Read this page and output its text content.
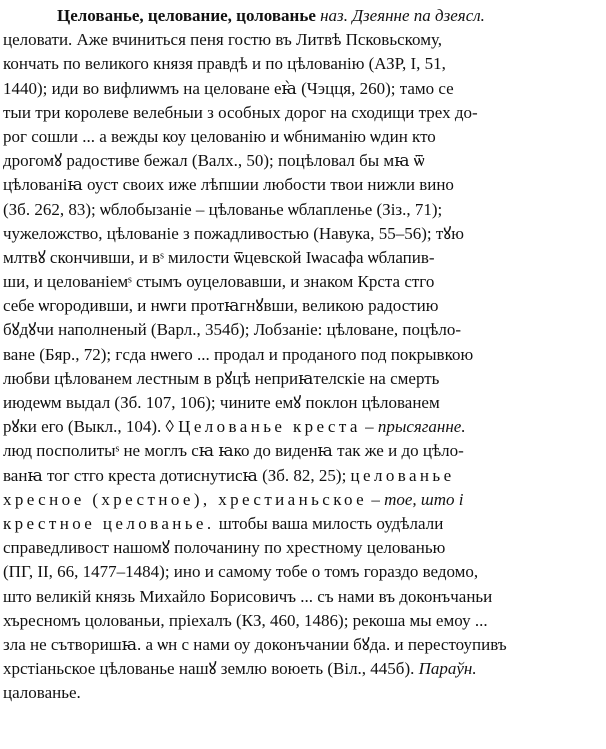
Целованье, целование, цолованье наз. Дзеянне па дзеясл.
целовати. Аже вчиниться пеня гостю въ Литвѣ Псковьскому,
кончать по великого князя правдѣ и по цѣлованію (АЗР, I, 51,
1440); иди во вифлиѡмъ на целоване еꙗ̀ (Чэцця, 260); тамо се
тыи три королеве велебныи з особных дорог на сходищи трех до-
рог сошли ... а вежды коу целованію и ѡбниманію ѡдин кто
дрогомꙋ радостиве бежал (Валх., 50); поцѣловал бы мꙗ ѿ
цѣлованіꙗ оуст своих иже лѣпшии любости твои нижли вино
(Зб. 262, 83); ѡблобызаніе – цѣлованье ѡблапленье (Зіз., 71);
чужеложство, цѣлованіе з пожадливостью (Навука, 55–56); тꙋю
млтвꙋ скончивши, и вˢ милости ѿцевской Іѡасафа ѡблапив-
ши, и целованіемˢ стымъ оуцеловавши, и знаком Крста стго
себе ѡгородивши, и нѡги протꙗгнꙋвши, великою радостию
бꙋдꙋчи наполненый (Варл., 354б); Лобзаніе: цѣловане, поцѣло-
ване (Бяр., 72); гсда нѡего ... продал и проданого под покрывкою
любви цѣлованем лестным в рꙋцѣ неприꙗтелскіе на смерть
июдеѡм выдал (Зб. 107, 106); чините емꙋ поклон цѣлованем
рꙋки его (Выкл., 104). ◊ Целованье креста – прысяганне.
люд посполитыˢ не моглъ сꙗ ꙗко до виденꙗ так же и до цѣло-
ванꙗ тог стго креста дотиснутисꙗ (Зб. 82, 25); целованье
хресное (хрестное), хрестианьское – тое, што і
крестное целованье. штобы ваша милость оудѣлали
справедливост нашомꙋ полочанину по хрестному целованью
(ПГ, II, 66, 1477–1484); ино и самому тобе о томъ гораздо ведомо,
што великій князь Михайло Борисовичъ ... съ нами въ доконъчаньи
хъресномъ цолованьи, пріехалъ (КЗ, 460, 1486); рекоша мы емоу ...
зла не сътворишꙗ. а ѡн с нами оу доконъчании бꙋда. и перестоупивъ
хрстіаньское цѣлованье нашꙋ землю воюеть (Віл., 445б). Параўн.
цалованье.
